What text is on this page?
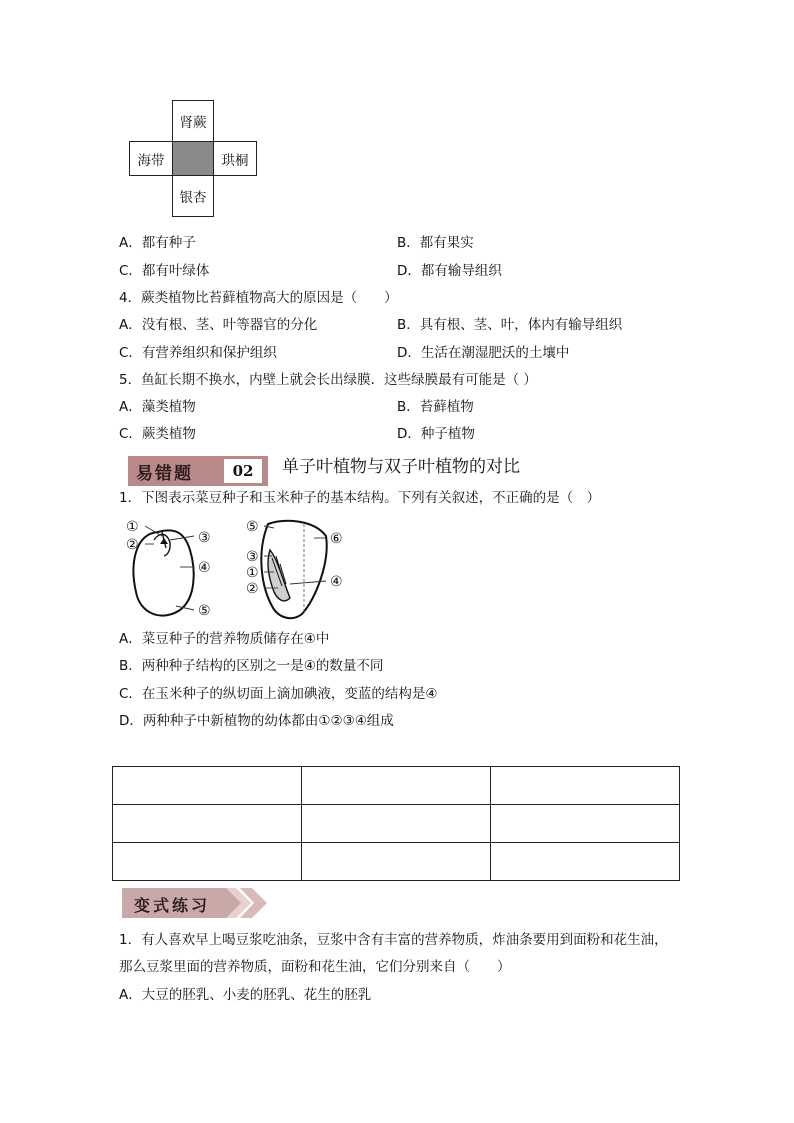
肾蕨
海带	珙桐
银杏
A．都有种子	B．都有果实
C．都有叶绿体	D．都有输导组织
4．蕨类植物比苔藓植物高大的原因是（　　）
A．没有根、茎、叶等器官的分化	B．具有根、茎、叶，体内有输导组织
C．有营养组织和保护组织	D．生活在潮湿肥沃的土壤中
5．鱼缸长期不换水，内壁上就会长出绿膜．这些绿膜最有可能是（ ）
A．藻类植物	B．苔藓植物
C．蕨类植物	D．种子植物
易错题	02	单子叶植物与双子叶植物的对比
1．下图表示菜豆种子和玉米种子的基本结构。下列有关叙述，不正确的是（　）
①
②	③
④
⑤
⑤
⑥
③
①
②	④
A．菜豆种子的营养物质储存在④中
B．两种种子结构的区别之一是④的数量不同
C．在玉米种子的纵切面上滴加碘液，变蓝的结构是④
D．两种种子中新植物的幼体都由①②③④组成

变式练习
1．有人喜欢早上喝豆浆吃油条，豆浆中含有丰富的营养物质，炸油条要用到面粉和花生油，
那么豆浆里面的营养物质，面粉和花生油，它们分别来自（　　）
A．大豆的胚乳、小麦的胚乳、花生的胚乳
